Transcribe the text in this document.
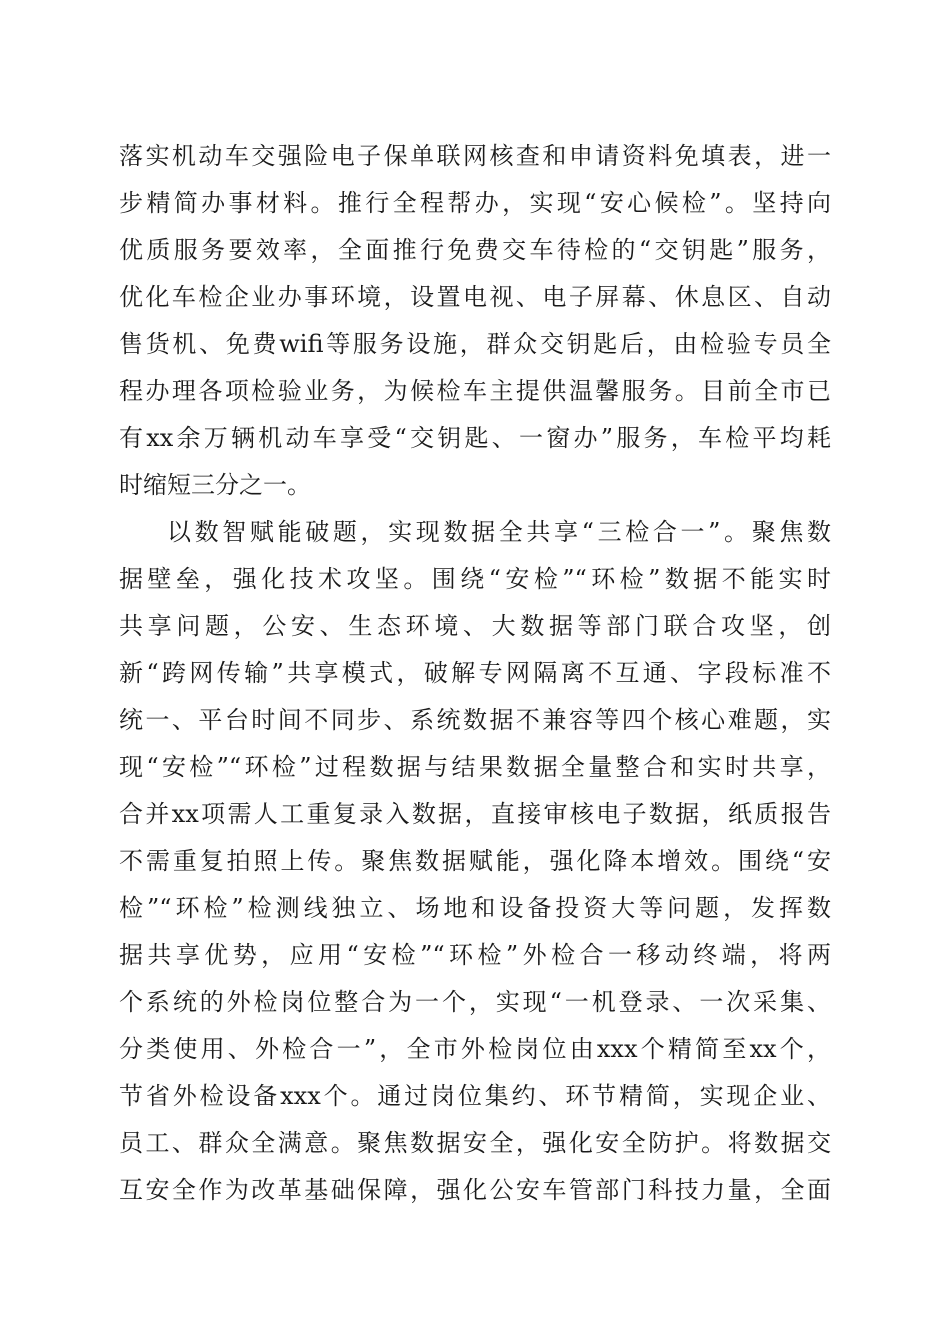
落实机动车交强险电子保单联网核查和申请资料免填表，进一
步精简办事材料。推行全程帮办，实现“安心候检”。坚持向
优质服务要效率，全面推行免费交车待检的“交钥匙”服务，
优化车检企业办事环境，设置电视、电子屏幕、休息区、自动
售货机、免费wifi等服务设施，群众交钥匙后，由检验专员全
程办理各项检验业务，为候检车主提供温馨服务。目前全市已
有xx余万辆机动车享受“交钥匙、一窗办”服务，车检平均耗
时缩短三分之一。
以数智赋能破题，实现数据全共享“三检合一”。聚焦数
据壁垒，强化技术攻坚。围绕“安检”“环检”数据不能实时
共享问题，公安、生态环境、大数据等部门联合攻坚，创
新“跨网传输”共享模式，破解专网隔离不互通、字段标准不
统一、平台时间不同步、系统数据不兼容等四个核心难题，实
现“安检”“环检”过程数据与结果数据全量整合和实时共享，
合并xx项需人工重复录入数据，直接审核电子数据，纸质报告
不需重复拍照上传。聚焦数据赋能，强化降本增效。围绕“安
检”“环检”检测线独立、场地和设备投资大等问题，发挥数
据共享优势，应用“安检”“环检”外检合一移动终端，将两
个系统的外检岗位整合为一个，实现“一机登录、一次采集、
分类使用、外检合一”，全市外检岗位由xxx个精简至xx个，
节省外检设备xxx个。通过岗位集约、环节精简，实现企业、
员工、群众全满意。聚焦数据安全，强化安全防护。将数据交
互安全作为改革基础保障，强化公安车管部门科技力量，全面
